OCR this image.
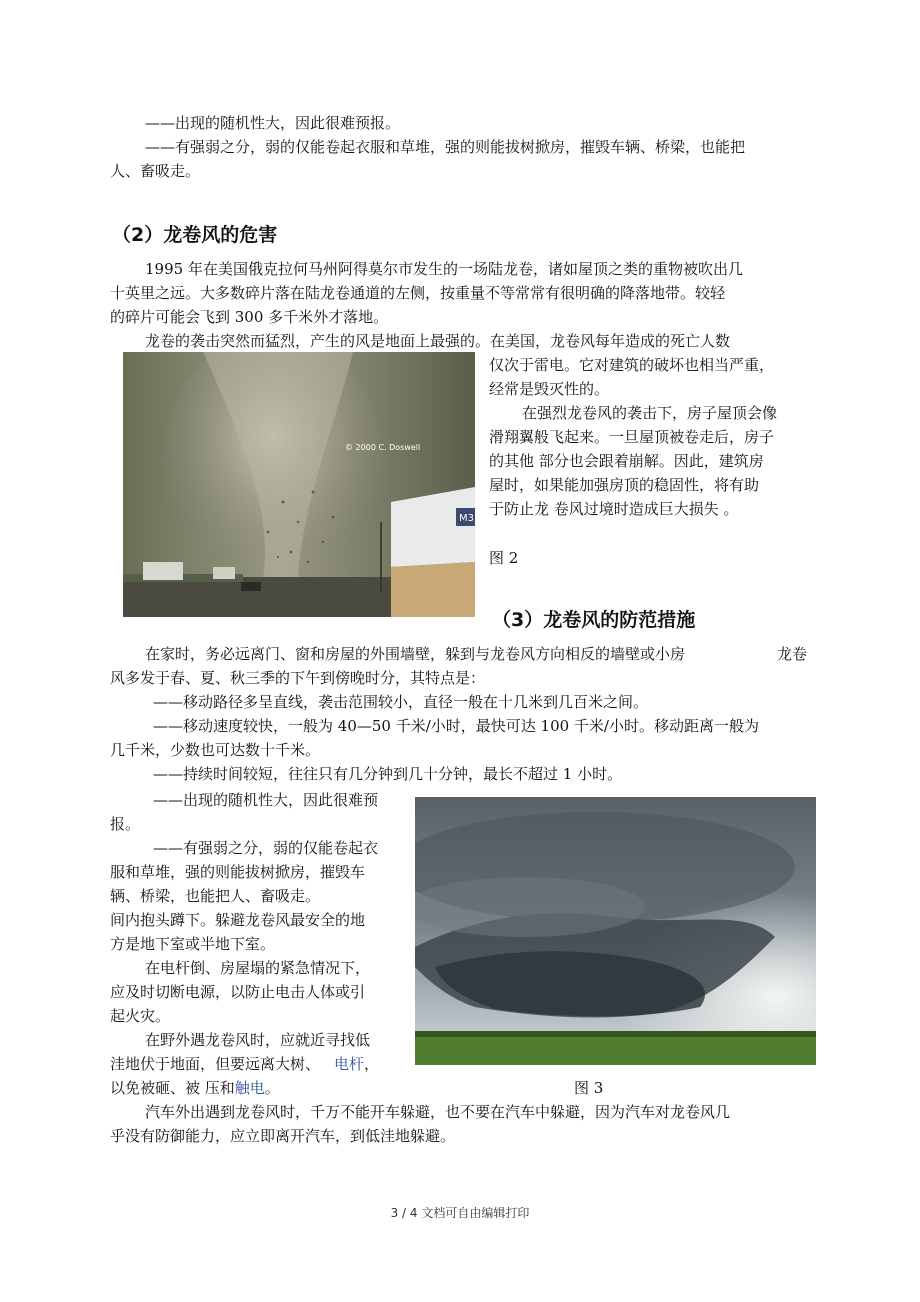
——出现的随机性大，因此很难预报。

——有强弱之分，弱的仅能卷起衣服和草堆，强的则能拔树掀房，摧毁车辆、桥梁，也能把

人、畜吸走。

（2）龙卷风的危害

1995 年在美国俄克拉何马州阿得莫尔市发生的一场陆龙卷，诸如屋顶之类的重物被吹出几

十英里之远。大多数碎片落在陆龙卷通道的左侧，按重量不等常常有很明确的降落地带。较轻

的碎片可能会飞到 300 多千米外才落地。

龙卷的袭击突然而猛烈，产生的风是地面上最强的。在美国，龙卷风每年造成的死亡人数

M3
© 2000 C. Doswell

仅次于雷电。它对建筑的破坏也相当严重，

经常是毁灭性的。

在强烈龙卷风的袭击下，房子屋顶会像

滑翔翼般飞起来。一旦屋顶被卷走后，房子

的其他 部分也会跟着崩解。因此，建筑房

屋时，如果能加强房顶的稳固性，将有助

于防止龙 卷风过境时造成巨大损失 。

图 2

（3）龙卷风的防范措施

在家时，务必远离门、窗和房屋的外围墙壁，躲到与龙卷风方向相反的墙壁或小房	龙卷

风多发于春、夏、秋三季的下午到傍晚时分，其特点是：

——移动路径多呈直线，袭击范围较小，直径一般在十几米到几百米之间。

——移动速度较快，一般为 40—50 千米/小时，最快可达 100 千米/小时。移动距离一般为

几千米，少数也可达数十千米。

——持续时间较短，往往只有几分钟到几十分钟，最长不超过 1 小时。

——出现的随机性大，因此很难预

报。

——有强弱之分，弱的仅能卷起衣

服和草堆，强的则能拔树掀房，摧毁车

辆、桥梁，也能把人、畜吸走。

间内抱头蹲下。躲避龙卷风最安全的地

方是地下室或半地下室。

在电杆倒、房屋塌的紧急情况下，

应及时切断电源，以防止电击人体或引

起火灾。

在野外遇龙卷风时，应就近寻找低

洼地伏于地面，但要远离大树、 电杆，

以免被砸、被 压和触电。	图 3

汽车外出遇到龙卷风时，千万不能开车躲避，也不要在汽车中躲避，因为汽车对龙卷风几

乎没有防御能力，应立即离开汽车，到低洼地躲避。

3 / 4 文档可自由编辑打印
